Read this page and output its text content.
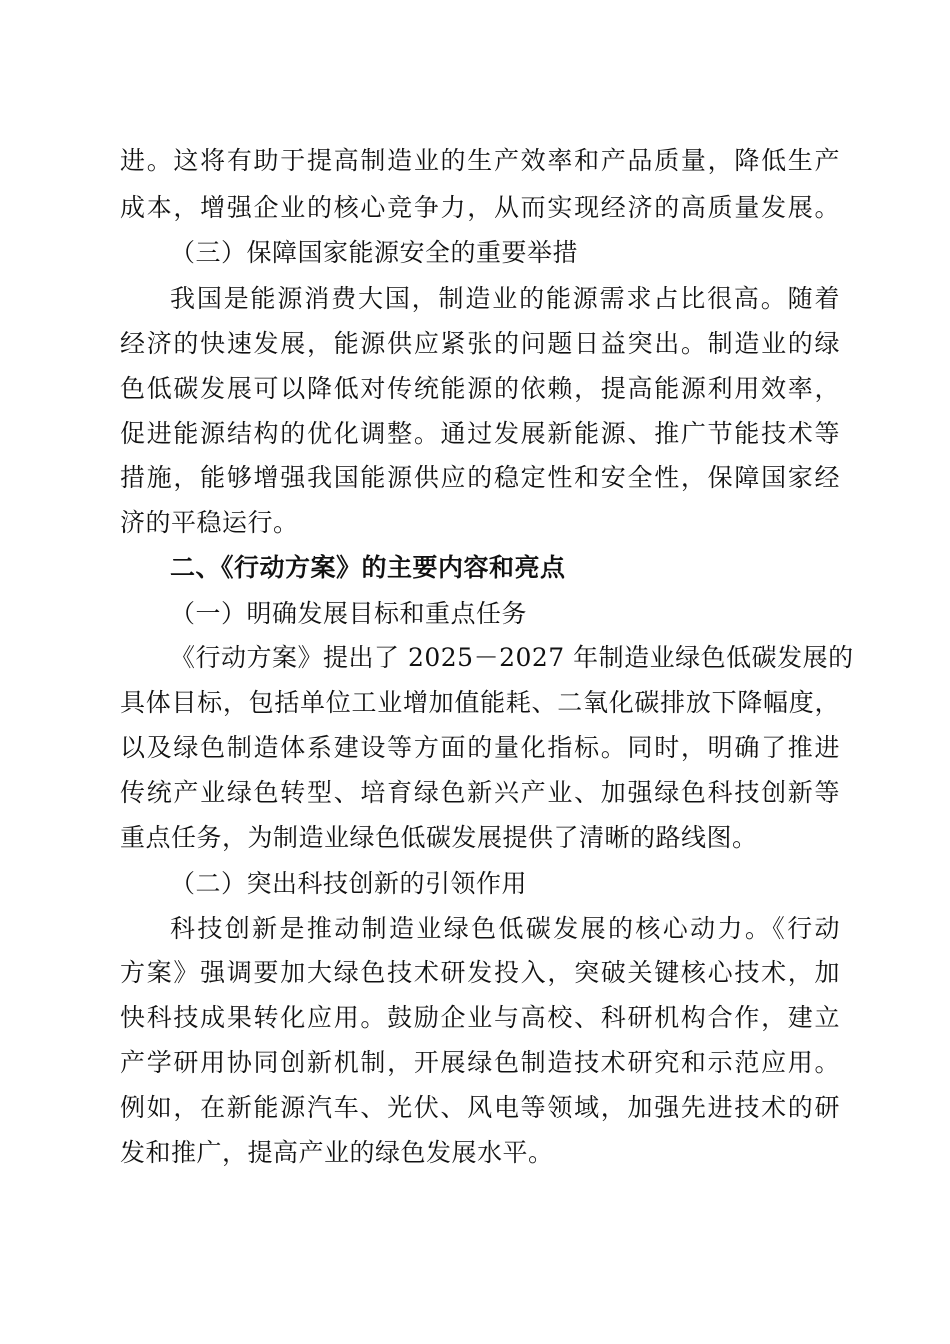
进。这将有助于提高制造业的生产效率和产品质量，降低生产
成本，增强企业的核心竞争力，从而实现经济的高质量发展。
（三）保障国家能源安全的重要举措
我国是能源消费大国，制造业的能源需求占比很高。随着
经济的快速发展，能源供应紧张的问题日益突出。制造业的绿
色低碳发展可以降低对传统能源的依赖，提高能源利用效率，
促进能源结构的优化调整。通过发展新能源、推广节能技术等
措施，能够增强我国能源供应的稳定性和安全性，保障国家经
济的平稳运行。
二、《行动方案》的主要内容和亮点
（一）明确发展目标和重点任务
《行动方案》提出了 2025－2027 年制造业绿色低碳发展的
具体目标，包括单位工业增加值能耗、二氧化碳排放下降幅度，
以及绿色制造体系建设等方面的量化指标。同时，明确了推进
传统产业绿色转型、培育绿色新兴产业、加强绿色科技创新等
重点任务，为制造业绿色低碳发展提供了清晰的路线图。
（二）突出科技创新的引领作用
科技创新是推动制造业绿色低碳发展的核心动力。《行动
方案》强调要加大绿色技术研发投入，突破关键核心技术，加
快科技成果转化应用。鼓励企业与高校、科研机构合作，建立
产学研用协同创新机制，开展绿色制造技术研究和示范应用。
例如，在新能源汽车、光伏、风电等领域，加强先进技术的研
发和推广，提高产业的绿色发展水平。
